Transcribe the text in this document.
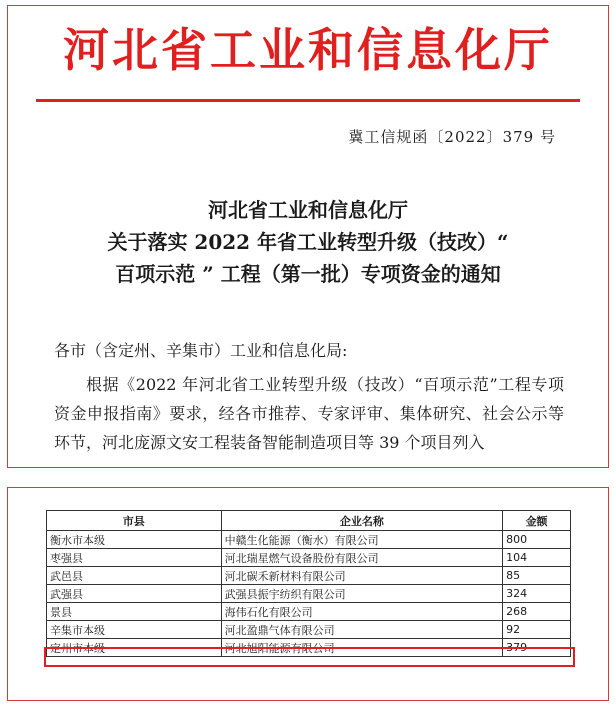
河北省工业和信息化厅
冀工信规函〔2022〕379 号
河北省工业和信息化厅
关于落实 2022 年省工业转型升级（技改）“
百项示范 ” 工程（第一批）专项资金的通知
各市（含定州、辛集市）工业和信息化局:

根据《2022 年河北省工业转型升级（技改）“百项示范”工程专项资金申报指南》要求，经各市推荐、专家评审、集体研究、社会公示等环节，河北庞源文安工程装备智能制造项目等 39 个项目列入

市县	企业名称	金额
衡水市本级	中赣生化能源（衡水）有限公司	800
枣强县	河北瑞星燃气设备股份有限公司	104
武邑县	河北碳禾新材料有限公司	85
武强县	武强县振宇纺织有限公司	324
景县	海伟石化有限公司	268
辛集市本级	河北盈鼎气体有限公司	92
定州市本级	河北旭阳能源有限公司	379
